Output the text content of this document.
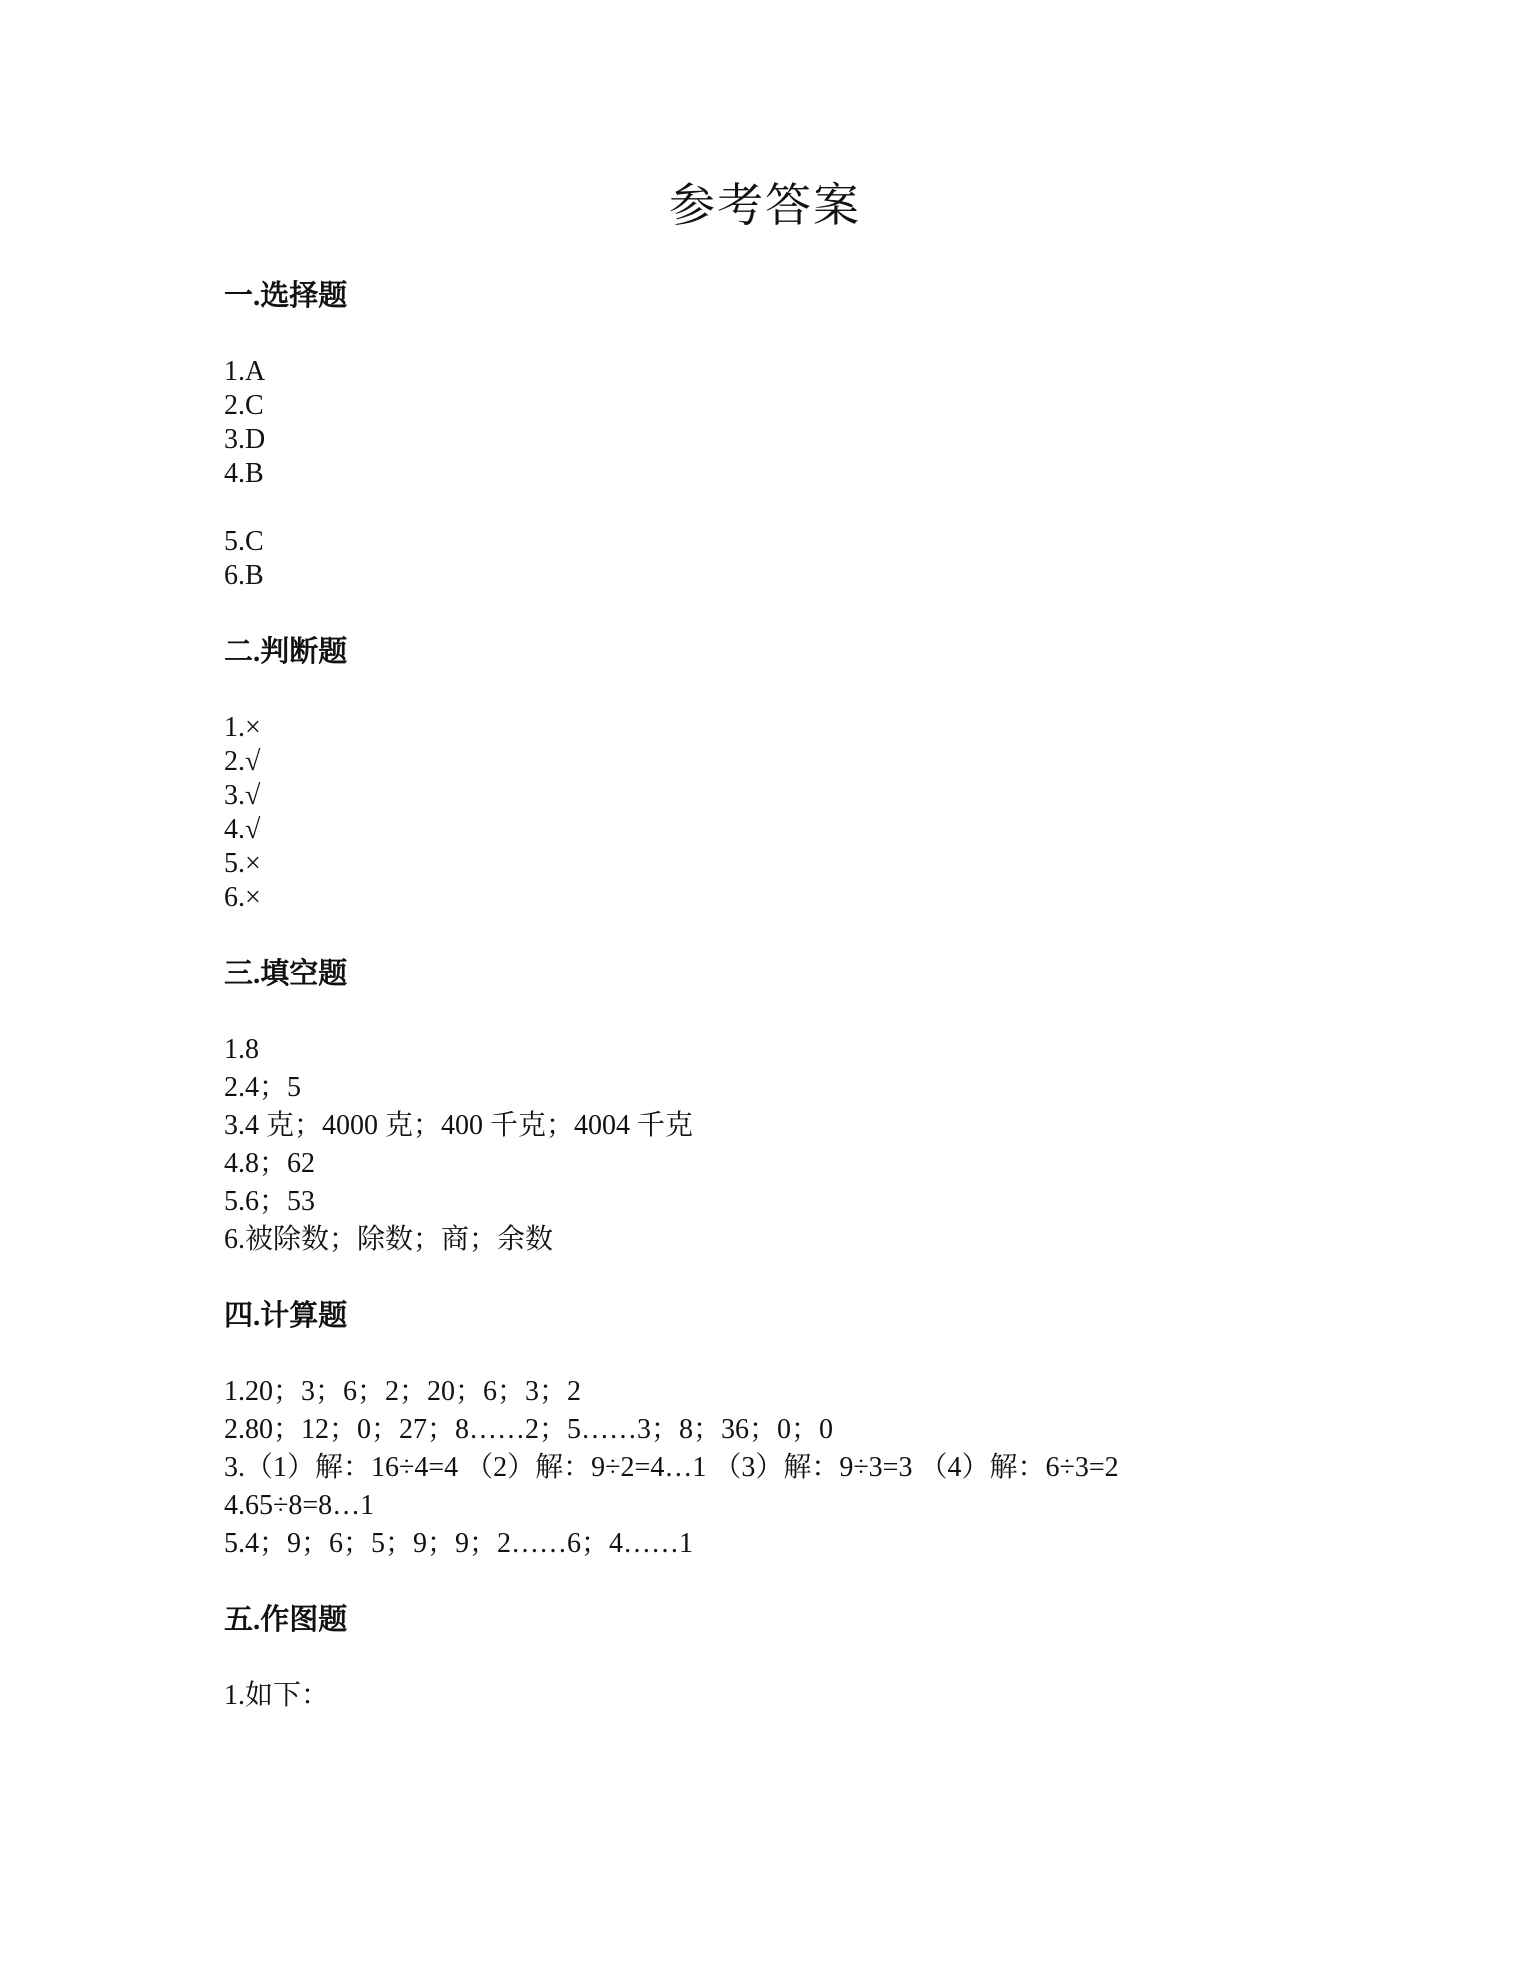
参考答案
一.选择题
1.A
2.C
3.D
4.B
5.C
6.B
二.判断题
1.×
2.√
3.√
4.√
5.×
6.×
三.填空题
1.8
2.4；5
3.4 克；4000 克；400 千克；4004 千克
4.8；62
5.6；53
6.被除数；除数；商；余数
四.计算题
1.20；3；6；2；20；6；3；2
2.80；12；0；27；8……2；5……3；8；36；0；0
3.（1）解：16÷4=4 （2）解：9÷2=4…1 （3）解：9÷3=3 （4）解：6÷3=2
4.65÷8=8…1
5.4；9；6；5；9；9；2……6；4……1
五.作图题
1.如下：
